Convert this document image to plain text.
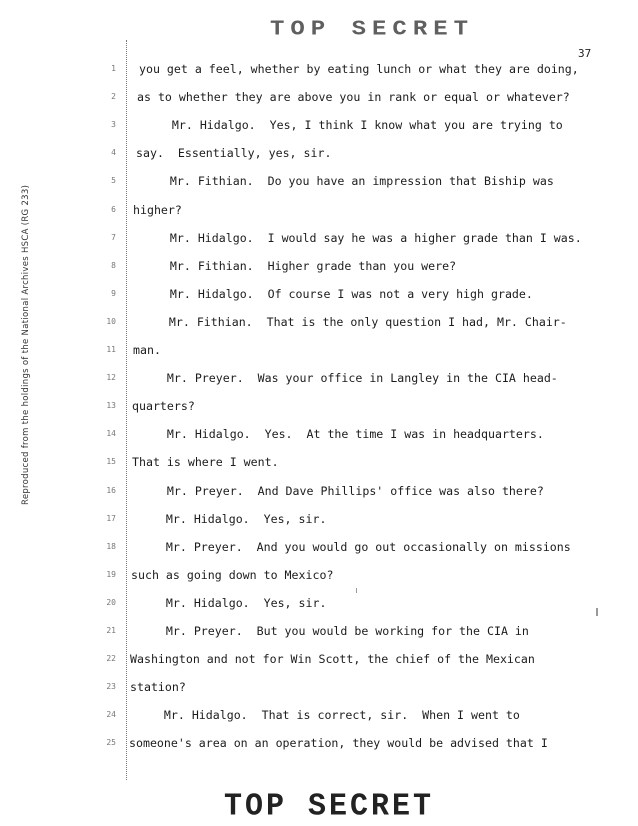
TOP SECRET
37
Reproduced from the holdings of the National Archives HSCA (RG 233)
1 you get a feel, whether by eating lunch or what they are doing,
2 as to whether they are above you in rank or equal or whatever?
3 Mr. Hidalgo.  Yes, I think I know what you are trying to
4 say.  Essentially, yes, sir.
5 Mr. Fithian.  Do you have an impression that Biship was
6 higher?
7 Mr. Hidalgo.  I would say he was a higher grade than I was.
8 Mr. Fithian.  Higher grade than you were?
9 Mr. Hidalgo.  Of course I was not a very high grade.
10 Mr. Fithian.  That is the only question I had, Mr. Chair-
11 man.
12 Mr. Preyer.  Was your office in Langley in the CIA head-
13 quarters?
14 Mr. Hidalgo.  Yes.  At the time I was in headquarters.
15 That is where I went.
16 Mr. Preyer.  And Dave Phillips' office was also there?
17 Mr. Hidalgo.  Yes, sir.
18 Mr. Preyer.  And you would go out occasionally on missions
19 such as going down to Mexico?
20 Mr. Hidalgo.  Yes, sir.
21 Mr. Preyer.  But you would be working for the CIA in
22 Washington and not for Win Scott, the chief of the Mexican
23 station?
24 Mr. Hidalgo.  That is correct, sir.  When I went to
25 someone's area on an operation, they would be advised that I
TOP SECRET
